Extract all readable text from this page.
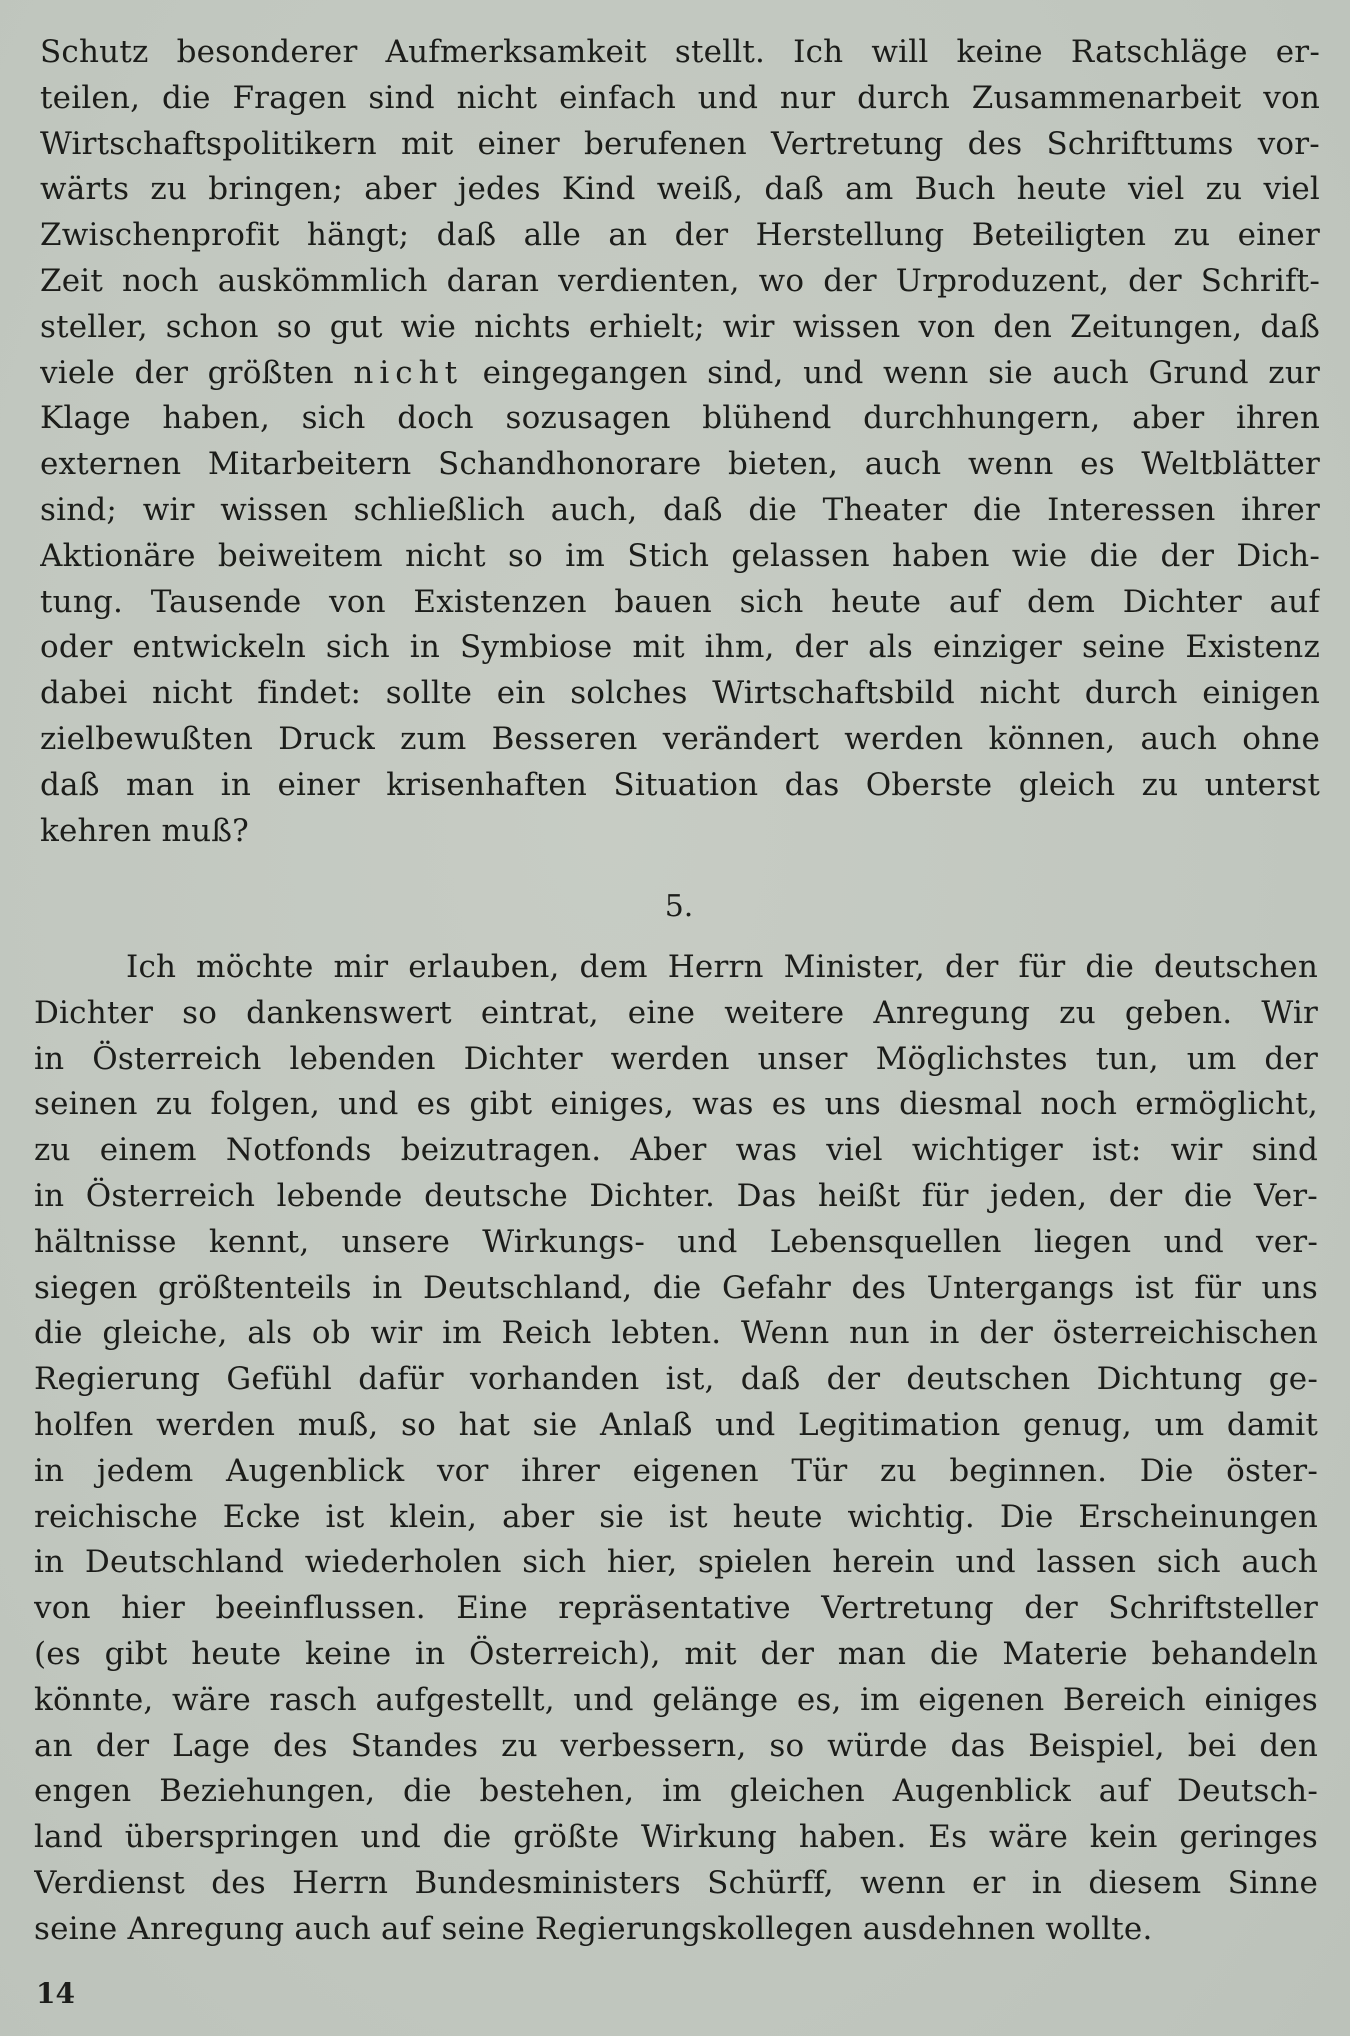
Schutz besonderer Aufmerksamkeit stellt. Ich will keine Ratschläge er-
teilen, die Fragen sind nicht einfach und nur durch Zusammenarbeit von
Wirtschaftspolitikern mit einer berufenen Vertretung des Schrifttums vor-
wärts zu bringen; aber jedes Kind weiß, daß am Buch heute viel zu viel
Zwischenprofit hängt; daß alle an der Herstellung Beteiligten zu einer
Zeit noch auskömmlich daran verdienten, wo der Urproduzent, der Schrift-
steller, schon so gut wie nichts erhielt; wir wissen von den Zeitungen, daß
viele der größten nicht eingegangen sind, und wenn sie auch Grund zur
Klage haben, sich doch sozusagen blühend durchhungern, aber ihren
externen Mitarbeitern Schandhonorare bieten, auch wenn es Weltblätter
sind; wir wissen schließlich auch, daß die Theater die Interessen ihrer
Aktionäre beiweitem nicht so im Stich gelassen haben wie die der Dich-
tung. Tausende von Existenzen bauen sich heute auf dem Dichter auf
oder entwickeln sich in Symbiose mit ihm, der als einziger seine Existenz
dabei nicht findet: sollte ein solches Wirtschaftsbild nicht durch einigen
zielbewußten Druck zum Besseren verändert werden können, auch ohne
daß man in einer krisenhaften Situation das Oberste gleich zu unterst
kehren muß?
5.
Ich möchte mir erlauben, dem Herrn Minister, der für die deutschen
Dichter so dankenswert eintrat, eine weitere Anregung zu geben. Wir
in Österreich lebenden Dichter werden unser Möglichstes tun, um der
seinen zu folgen, und es gibt einiges, was es uns diesmal noch ermöglicht,
zu einem Notfonds beizutragen. Aber was viel wichtiger ist: wir sind
in Österreich lebende deutsche Dichter. Das heißt für jeden, der die Ver-
hältnisse kennt, unsere Wirkungs- und Lebensquellen liegen und ver-
siegen größtenteils in Deutschland, die Gefahr des Untergangs ist für uns
die gleiche, als ob wir im Reich lebten. Wenn nun in der österreichischen
Regierung Gefühl dafür vorhanden ist, daß der deutschen Dichtung ge-
holfen werden muß, so hat sie Anlaß und Legitimation genug, um damit
in jedem Augenblick vor ihrer eigenen Tür zu beginnen. Die öster-
reichische Ecke ist klein, aber sie ist heute wichtig. Die Erscheinungen
in Deutschland wiederholen sich hier, spielen herein und lassen sich auch
von hier beeinflussen. Eine repräsentative Vertretung der Schriftsteller
(es gibt heute keine in Österreich), mit der man die Materie behandeln
könnte, wäre rasch aufgestellt, und gelänge es, im eigenen Bereich einiges
an der Lage des Standes zu verbessern, so würde das Beispiel, bei den
engen Beziehungen, die bestehen, im gleichen Augenblick auf Deutsch-
land überspringen und die größte Wirkung haben. Es wäre kein geringes
Verdienst des Herrn Bundesministers Schürff, wenn er in diesem Sinne
seine Anregung auch auf seine Regierungskollegen ausdehnen wollte.
14
